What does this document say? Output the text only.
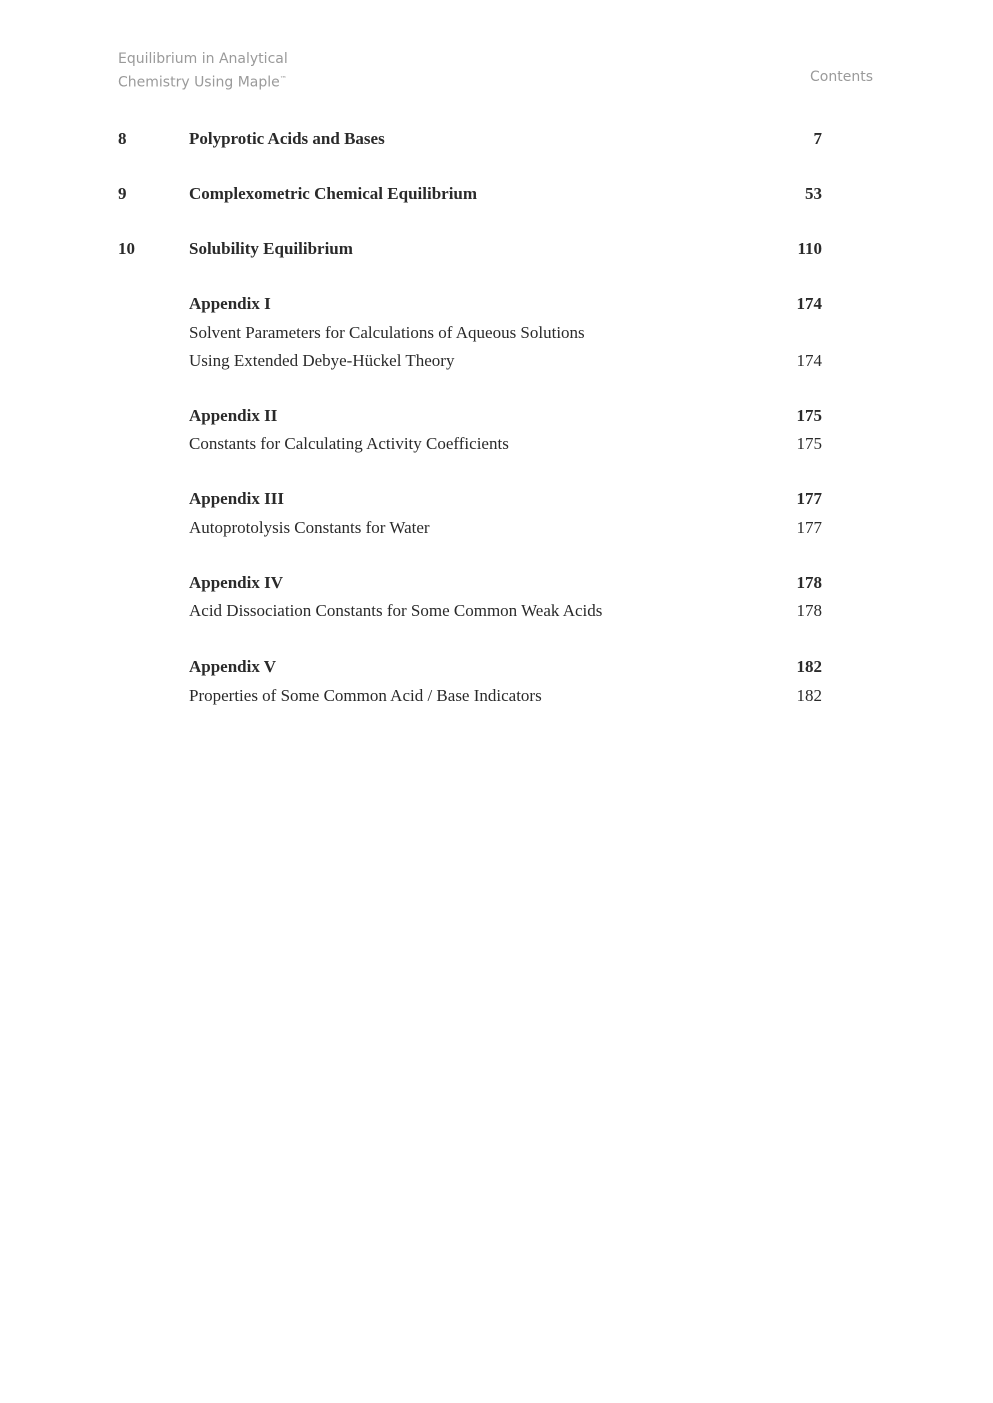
Equilibrium in Analytical
Chemistry Using Maple™	Contents
8	Polyprotic Acids and Bases	7
9	Complexometric Chemical Equilibrium	53
10	Solubility Equilibrium	110
Appendix I	174
Solvent Parameters for Calculations of Aqueous Solutions
Using Extended Debye-Hückel Theory	174
Appendix II	175
Constants for Calculating Activity Coefficients	175
Appendix III	177
Autoprotolysis Constants for Water	177
Appendix IV	178
Acid Dissociation Constants for Some Common Weak Acids	178
Appendix V	182
Properties of Some Common Acid / Base Indicators	182
